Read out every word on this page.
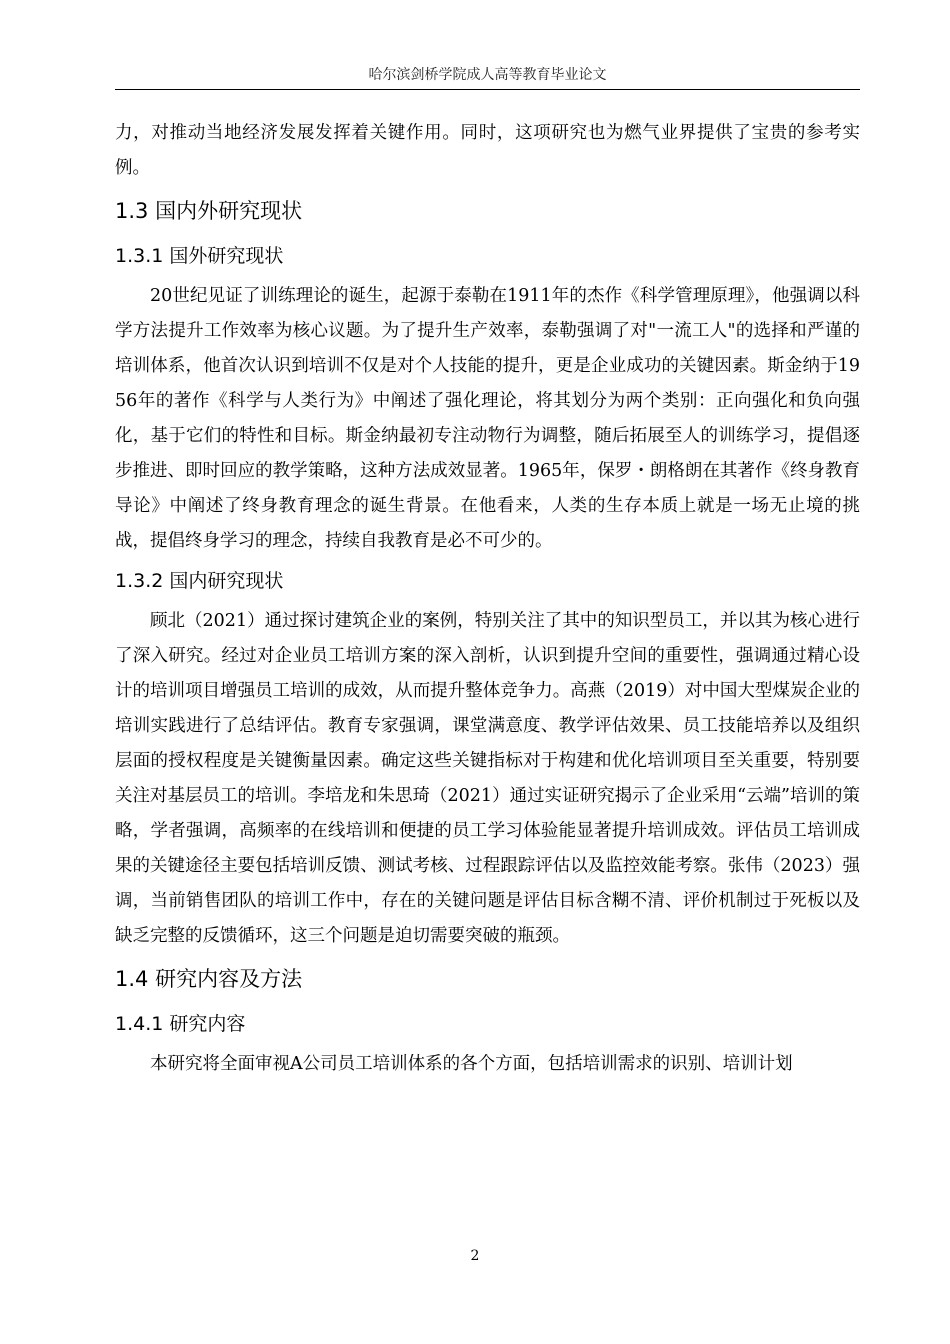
哈尔滨剑桥学院成人高等教育毕业论文

力，对推动当地经济发展发挥着关键作用。同时，这项研究也为燃气业界提供了宝贵的参考实例。

1.3 国内外研究现状
1.3.1 国外研究现状

20世纪见证了训练理论的诞生，起源于泰勒在1911年的杰作《科学管理原理》，他强调以科学方法提升工作效率为核心议题。为了提升生产效率，泰勒强调了对"一流工人"的选择和严谨的培训体系，他首次认识到培训不仅是对个人技能的提升，更是企业成功的关键因素。斯金纳于1956年的著作《科学与人类行为》中阐述了强化理论，将其划分为两个类别：正向强化和负向强化，基于它们的特性和目标。斯金纳最初专注动物行为调整，随后拓展至人的训练学习，提倡逐步推进、即时回应的教学策略，这种方法成效显著。1965年，保罗・朗格朗在其著作《终身教育导论》中阐述了终身教育理念的诞生背景。在他看来，人类的生存本质上就是一场无止境的挑战，提倡终身学习的理念，持续自我教育是必不可少的。

1.3.2 国内研究现状

顾北（2021）通过探讨建筑企业的案例，特别关注了其中的知识型员工，并以其为核心进行了深入研究。经过对企业员工培训方案的深入剖析，认识到提升空间的重要性，强调通过精心设计的培训项目增强员工培训的成效，从而提升整体竞争力。高燕（2019）对中国大型煤炭企业的培训实践进行了总结评估。教育专家强调，课堂满意度、教学评估效果、员工技能培养以及组织层面的授权程度是关键衡量因素。确定这些关键指标对于构建和优化培训项目至关重要，特别要关注对基层员工的培训。李培龙和朱思琦（2021）通过实证研究揭示了企业采用“云端”培训的策略，学者强调，高频率的在线培训和便捷的员工学习体验能显著提升培训成效。评估员工培训成果的关键途径主要包括培训反馈、测试考核、过程跟踪评估以及监控效能考察。张伟（2023）强调，当前销售团队的培训工作中，存在的关键问题是评估目标含糊不清、评价机制过于死板以及缺乏完整的反馈循环，这三个问题是迫切需要突破的瓶颈。

1.4 研究内容及方法
1.4.1 研究内容

本研究将全面审视A公司员工培训体系的各个方面，包括培训需求的识别、培训计划

2
